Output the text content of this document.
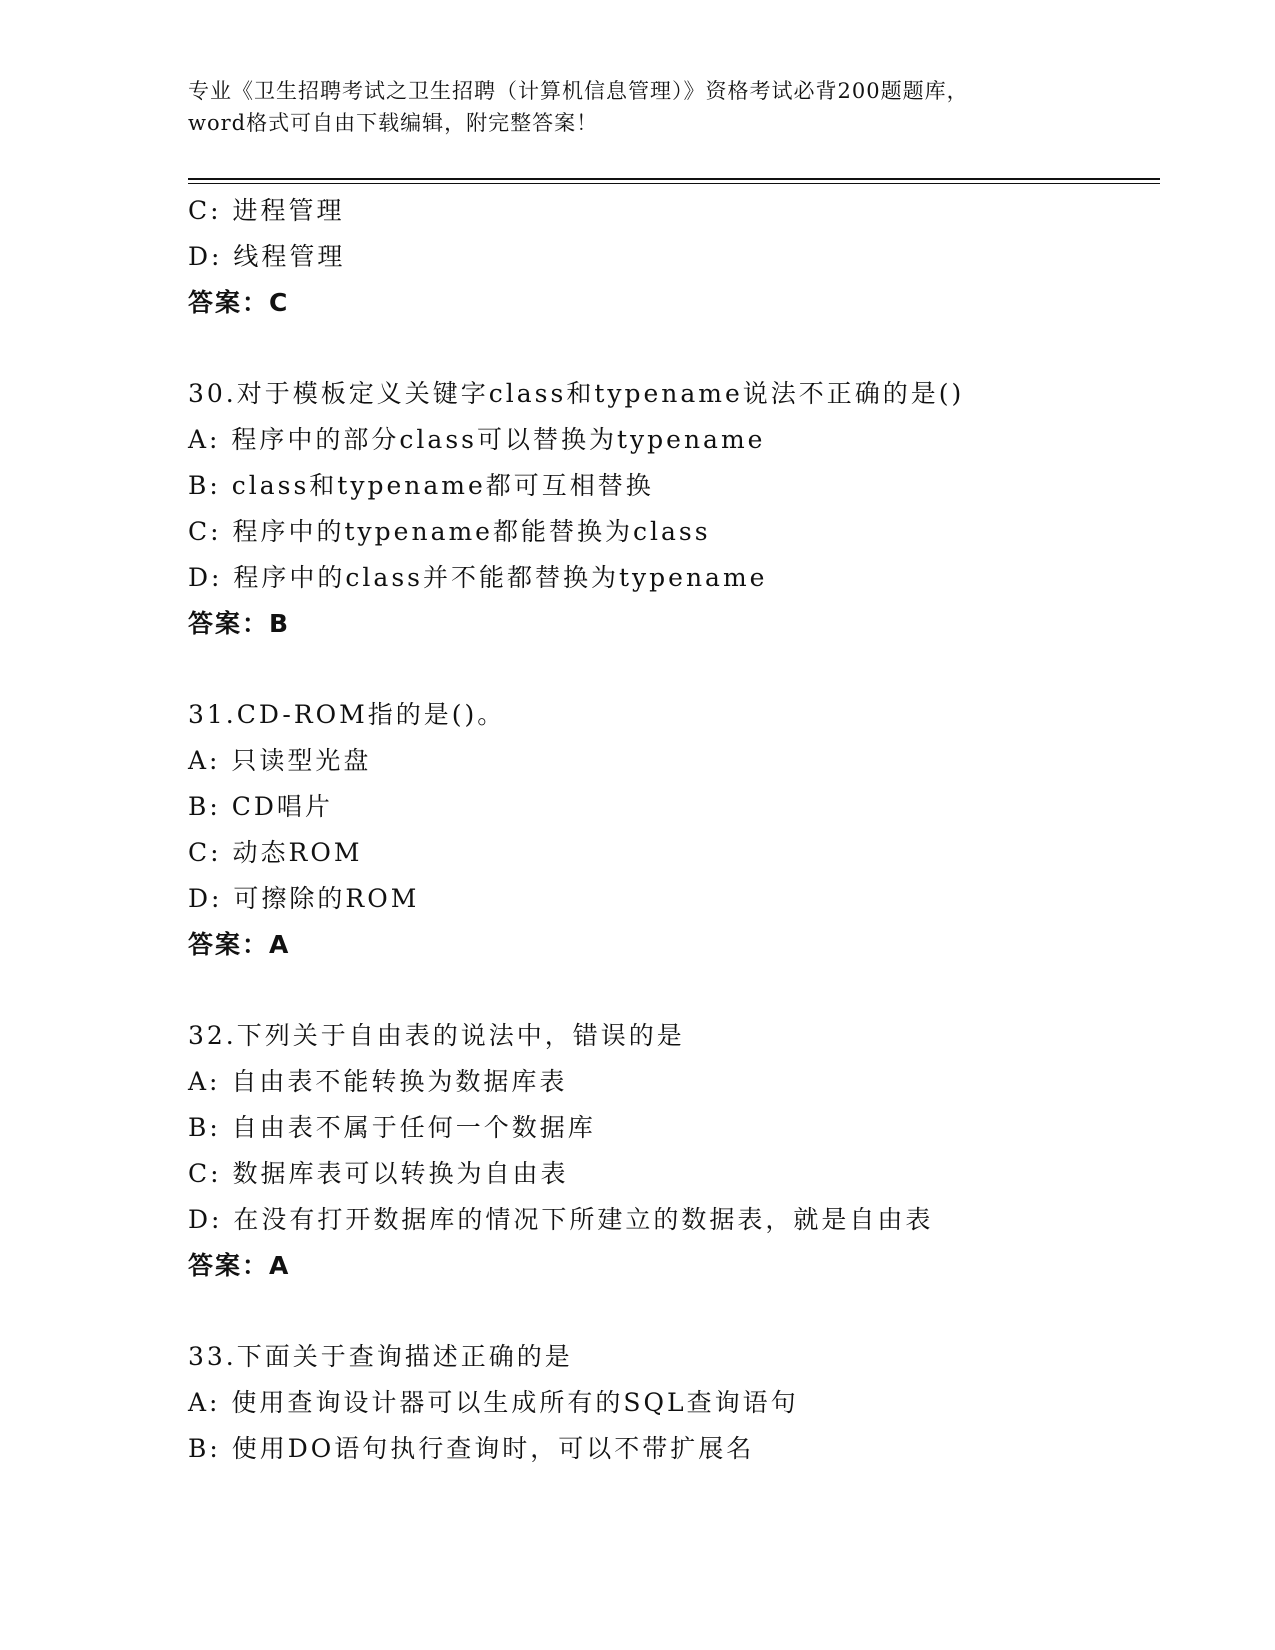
专业《卫生招聘考试之卫生招聘（计算机信息管理）》资格考试必背200题题库，
word格式可自由下载编辑，附完整答案！
C: 进程管理
D: 线程管理
答案：C
30.对于模板定义关键字class和typename说法不正确的是()
A: 程序中的部分class可以替换为typename
B: class和typename都可互相替换
C: 程序中的typename都能替换为class
D: 程序中的class并不能都替换为typename
答案：B
31.CD-ROM指的是()。
A: 只读型光盘
B: CD唱片
C: 动态ROM
D: 可擦除的ROM
答案：A
32.下列关于自由表的说法中，错误的是
A: 自由表不能转换为数据库表
B: 自由表不属于任何一个数据库
C: 数据库表可以转换为自由表
D: 在没有打开数据库的情况下所建立的数据表，就是自由表
答案：A
33.下面关于查询描述正确的是
A: 使用查询设计器可以生成所有的SQL查询语句
B: 使用DO语句执行查询时，可以不带扩展名
